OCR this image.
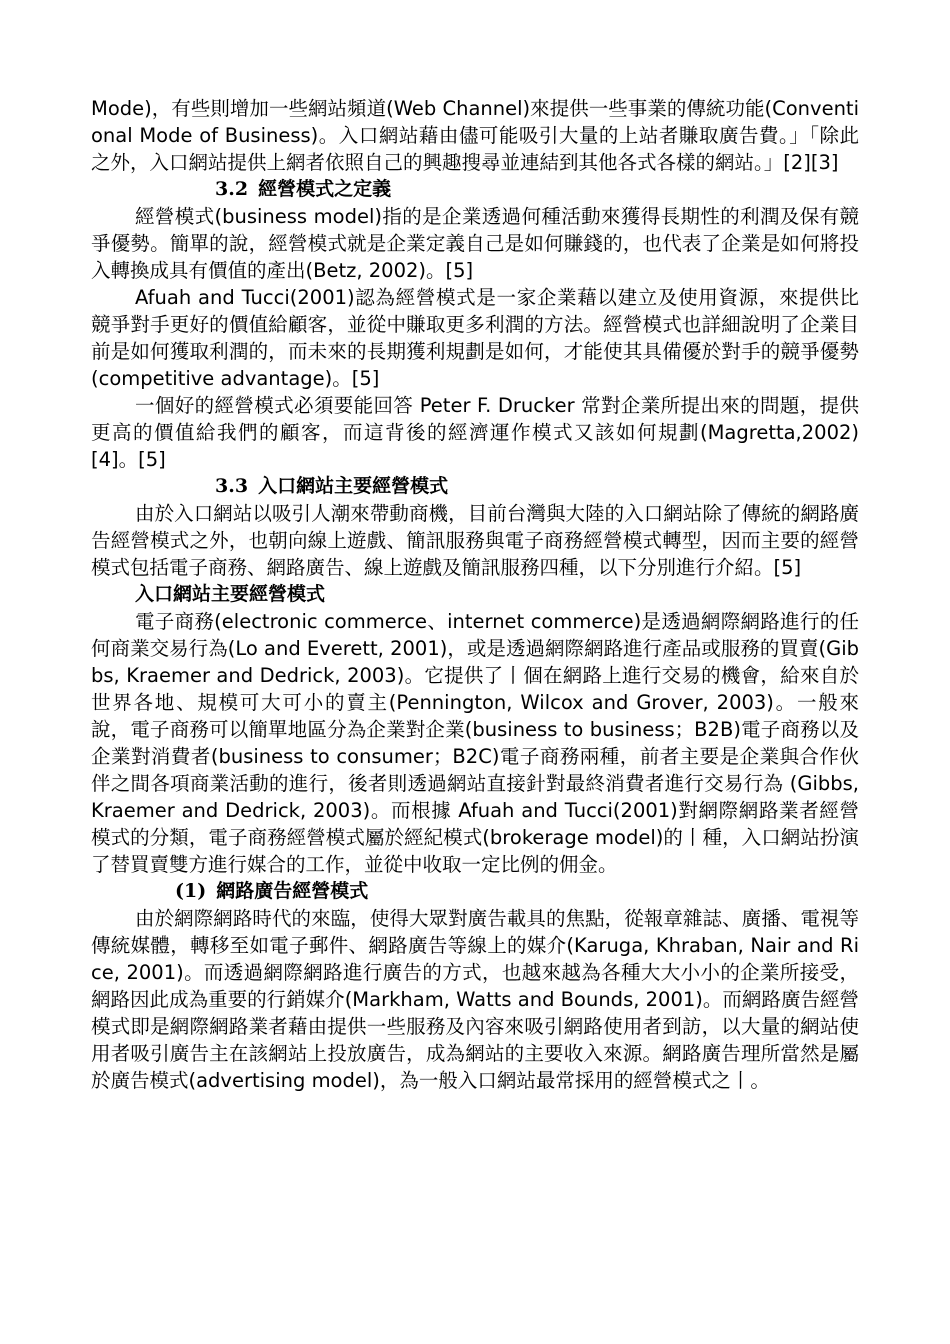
Mode)，有些則增加一些網站頻道(Web Channel)來提供一些事業的傳統功能(Conventional Mode of Business)。入口網站藉由儘可能吸引大量的上站者賺取廣告費。」「除此之外，入口網站提供上網者依照自己的興趣搜尋並連結到其他各式各樣的網站。」[2][3]

3.2 經營模式之定義

經營模式(business model)指的是企業透過何種活動來獲得長期性的利潤及保有競爭優勢。簡單的說，經營模式就是企業定義自己是如何賺錢的，也代表了企業是如何將投入轉換成具有價值的產出(Betz, 2002)。[5]

Afuah and Tucci(2001)認為經營模式是一家企業藉以建立及使用資源，來提供比競爭對手更好的價值給顧客，並從中賺取更多利潤的方法。經營模式也詳細說明了企業目前是如何獲取利潤的，而未來的長期獲利規劃是如何，才能使其具備優於對手的競爭優勢(competitive advantage)。[5]

一個好的經營模式必須要能回答 Peter F. Drucker 常對企業所提出來的問題，提供更高的價值給我們的顧客，而這背後的經濟運作模式又該如何規劃(Magretta,2002)[4]。[5]

3.3 入口網站主要經營模式

由於入口網站以吸引人潮來帶動商機，目前台灣與大陸的入口網站除了傳統的網路廣告經營模式之外，也朝向線上遊戲、簡訊服務與電子商務經營模式轉型，因而主要的經營模式包括電子商務、網路廣告、線上遊戲及簡訊服務四種，以下分別進行介紹。[5]

入口網站主要經營模式

電子商務(electronic commerce、internet commerce)是透過網際網路進行的任何商業交易行為(Lo and Everett, 2001)，或是透過網際網路進行產品或服務的買賣(Gibbs, Kraemer and Dedrick, 2003)。它提供了丨個在網路上進行交易的機會，給來自於世界各地、規模可大可小的賣主(Pennington, Wilcox and Grover, 2003)。一般來說，電子商務可以簡單地區分為企業對企業(business to business；B2B)電子商務以及企業對消費者(business to consumer；B2C)電子商務兩種，前者主要是企業與合作伙伴之間各項商業活動的進行，後者則透過網站直接針對最終消費者進行交易行為 (Gibbs, Kraemer and Dedrick, 2003)。而根據 Afuah and Tucci(2001)對網際網路業者經營模式的分類，電子商務經營模式屬於經紀模式(brokerage model)的丨種，入口網站扮演了替買賣雙方進行媒合的工作，並從中收取一定比例的佣金。

(1) 網路廣告經營模式

由於網際網路時代的來臨，使得大眾對廣告載具的焦點，從報章雜誌、廣播、電視等傳統媒體，轉移至如電子郵件、網路廣告等線上的媒介(Karuga, Khraban, Nair and Rice, 2001)。而透過網際網路進行廣告的方式，也越來越為各種大大小小的企業所接受，網路因此成為重要的行銷媒介(Markham, Watts and Bounds, 2001)。而網路廣告經營模式即是網際網路業者藉由提供一些服務及內容來吸引網路使用者到訪，以大量的網站使用者吸引廣告主在該網站上投放廣告，成為網站的主要收入來源。網路廣告理所當然是屬於廣告模式(advertising model)，為一般入口網站最常採用的經營模式之丨。
